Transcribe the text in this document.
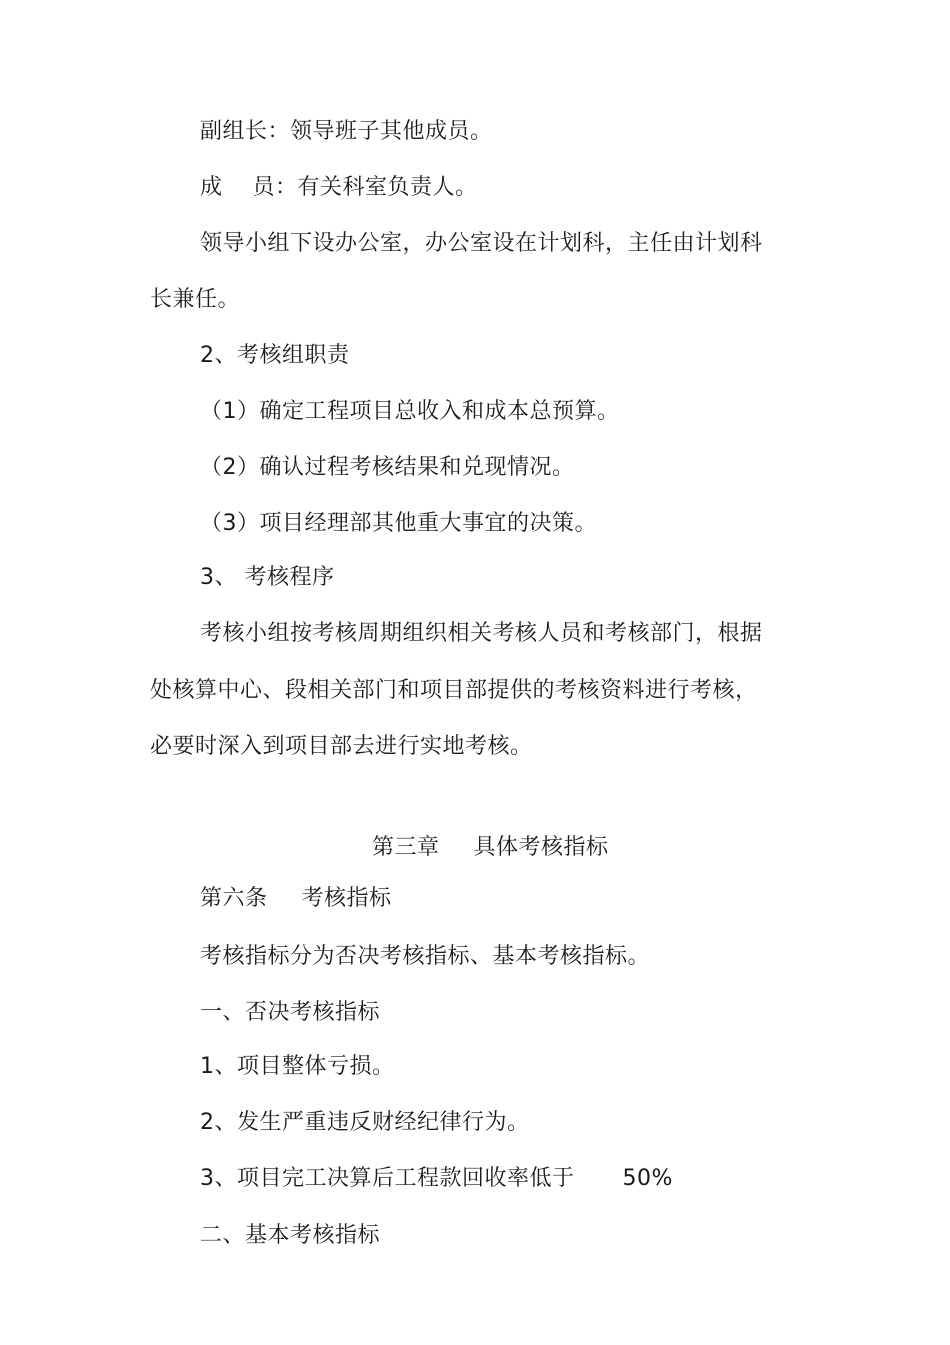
副组长：领导班子其他成员。
成 员：有关科室负责人。
领导小组下设办公室，办公室设在计划科，主任由计划科
长兼任。
2、考核组职责
（1）确定工程项目总收入和成本总预算。
（2）确认过程考核结果和兑现情况。
（3）项目经理部其他重大事宜的决策。
3、 考核程序
考核小组按考核周期组织相关考核人员和考核部门，根据
处核算中心、段相关部门和项目部提供的考核资料进行考核，
必要时深入到项目部去进行实地考核。
第三章 具体考核指标
第六条 考核指标
考核指标分为否决考核指标、基本考核指标。
一、否决考核指标
1、项目整体亏损。
2、发生严重违反财经纪律行为。
3、项目完工决算后工程款回收率低于 50%
二、基本考核指标
